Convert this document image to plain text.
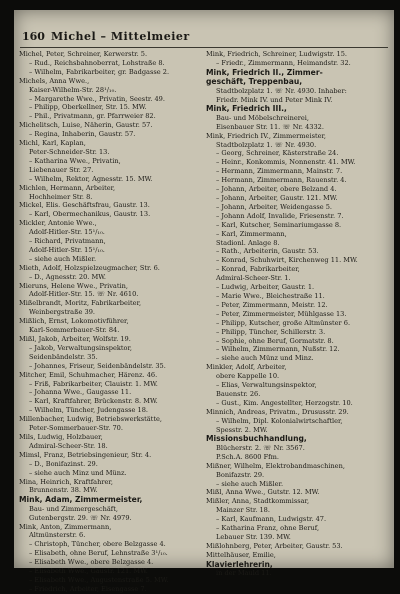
160 Michel – Mittelmeier
Michel, Peter, Schreiner, Kerwerstr. 5.
– Rud., Reichsbahnoberrat, Lohstraße 8.
– Wilhelm, Fabrikarbeiter, gr. Badgasse 2.
Michels, Anna Wwe.,
Kaiser-Wilhelm-Str. 28¹/₁₀.
– Margarethe Wwe., Privatin, Seestr. 49.
– Philipp, Oberkellner, Str. 15. MW.
– Phil., Privatmann, gr. Pfarrweier 82.
Michelitsch, Luise, Näherin, Gaustr. 57.
– Regina, Inhaberin, Gaustr. 57.
Michl, Karl, Kaplan,
Peter-Schneider-Str. 13.
– Katharina Wwe., Privatin,
Liebenauer Str. 27.
– Wilhelm, Rektor, Agnesstr. 15. MW.
Michlen, Hermann, Arbeiter,
Hochheimer Str. 8.
Mickel, Elis. Geschäftsfrau, Gaustr. 13.
– Karl, Obermechanikus, Gaustr. 13.
Mickler, Antonie Wwe.,
Adolf-Hitler-Str. 15¹/₁₀.
– Richard, Privatmann,
Adolf-Hitler-Str. 15¹/₁₀.
– siehe auch Mißler.
Mieth, Adolf, Holzspielzeugmacher, Str. 6.
– D., Agnesstr. 20. MW.
Mieruns, Helene Wwe., Privatin,
Adolf-Hitler-Str. 15. ☏ Nr. 4610.
Mißelbrandt, Moritz, Fabrikarbeiter,
Weinbergstraße 39.
Mißlich, Ernst, Lokomotivführer,
Karl-Sommerbauer-Str. 84.
Mißl, Jakob, Arbeiter, Wolfstr. 19.
– Jakob, Verwaltungsinspektor,
Seidenbändelstr. 35.
– Johannes, Friseur, Seidenbändelstr. 35.
Mitcher, Emil, Schuhmacher, Härenz. 46.
– Friß, Fabrikarbeiter, Clauistr. 1. MW.
– Johanna Wwe., Gaugasse 11.
– Karl, Kraftfahrer, Brückenstr. 8. MW.
– Wilhelm, Tüncher, Judengasse 18.
Millenbacher, Ludwig, Betriebswerkstätte,
Peter-Sommerbauer-Str. 70.
Mils, Ludwig, Holzbauer,
Admiral-Scheer-Str. 18.
Mimsl, Franz, Betriebsingenieur, Str. 4.
– D., Bonifazinst. 29.
– siehe auch Minz und Münz.
Mina, Heinrich, Kraftfahrer,
Brunnenstr. 38. MW.
Mink, Adam, Zimmermeister,
Bau- und Zimmergeschäft,
Gutenbergstr. 29. ☏ Nr. 4979.
Mink, Anton, Zimmermann,
Altmünsterstr. 6.
– Christoph, Tüncher, obere Belzgasse 4.
– Elisabeth, ohne Beruf, Lehnstraße 3¹/₁₀.
– Elisabeth Wwe., obere Belzgasse 4.
– Elisabeth Wwe., Gaustr. 121. MW.
– Elisabeth Wwe., Augustenstraße 5. MW.
– Friedrich, Arbeiter, Eisengasse 7.
Mink, Friedrich, Schreiner, Ludwigstr. 15.
– Friedr., Zimmermann, Heimandstr. 32.
Mink, Friedrich II., Zimmer-
geschäft, Treppenbau,
Stadtbolzplatz 1. ☏ Nr. 4930. Inhaber:
Friedr. Mink IV. und Peter Mink IV.
Mink, Friedrich III.,
Bau- und Möbelschreinerei,
Eisenbauer Str. 11. ☏ Nr. 4332.
Mink, Friedrich IV., Zimmermeister,
Stadtbolzplatz 1. ☏ Nr. 4930.
– Georg, Schreiner, Kästerstraße 24.
– Heinr., Konkommis, Nonnenstr. 41. MW.
– Hermann, Zimmermann, Mainstr. 7.
– Hermann, Zimmermann, Rauenstr. 4.
– Johann, Arbeiter, obere Belzand 4.
– Johann, Arbeiter, Gaustr. 121. MW.
– Johann, Arbeiter, Weidengasse 5.
– Johann Adolf, Invalide, Friesenstr. 7.
– Karl, Kutscher, Seminariumgasse 8.
– Karl, Zimmermann,
Stadionl. Anlage 8.
– Rath., Arbeiterin, Gaustr. 53.
– Konrad, Schuhwirt, Kirchenweg 11. MW.
– Konrad, Fabrikarbeiter,
Admiral-Scheer-Str. 1.
– Ludwig, Arbeiter, Gaustr. 1.
– Marie Wwe., Bleichestraße 11.
– Peter, Zimmermann, Meistr. 12.
– Peter, Zimmermeister, Mühlgasse 13.
– Philipp, Kutscher, große Altmünster 6.
– Philipp, Tüncher, Schillerstr. 3.
– Sophie, ohne Beruf, Gormatstr. 8.
– Wilhelm, Zimmermann, Nußstr. 12.
– siehe auch Münz und Minz.
Minkler, Adolf, Arbeiter,
obere Kappelle 10.
– Elias, Verwaltungsinspektor,
Bauenstr. 26.
– Gust., Kim. Angestellter, Herzogstr. 10.
Minnich, Andreas, Privatm., Drususstr. 29.
– Wilhelm, Dipl. Kolonialwirtschaftler,
Spesstr. 2. MW.
Missionsbuchhandlung,
Blücherstr. 2. ☏ Nr. 3567.
P.Sch.A. 8600 Ffm.
Mißner, Wilhelm, Elektrobandmaschinen,
Bonifazstr. 29.
– siehe auch Mißler.
Mißl, Anna Wwe., Gutstr. 12. MW.
Mißler, Anna, Stadtkommissar,
Mainzer Str. 18.
– Karl, Kaufmann, Ludwigstr. 47.
– Katharina Franz, ohne Beruf,
Lebauer Str. 139. MW.
Mißlohnberg, Peter, Arbeiter, Gaustr. 53.
Mittelhäuser, Emilie,
Klavierlehrerin,
in der Mauld 11.
